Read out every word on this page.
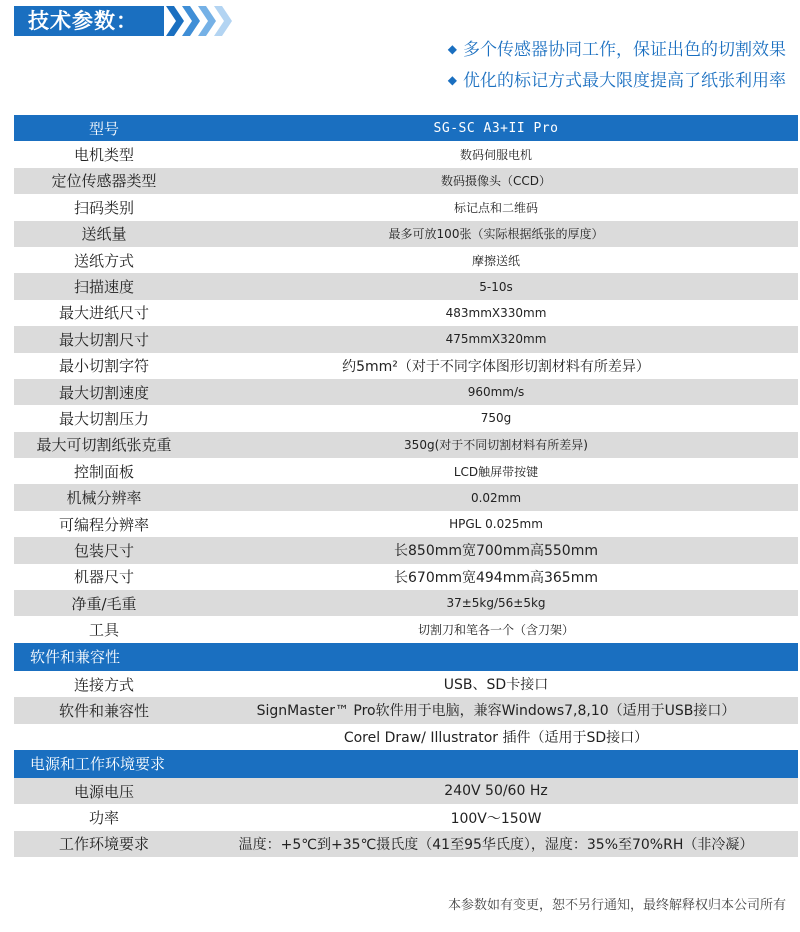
技术参数：
◆ 多个传感器协同工作，保证出色的切割效果
◆ 优化的标记方式最大限度提高了纸张利用率
型号	SG-SC A3+II Pro
电机类型	数码伺服电机
定位传感器类型	数码摄像头（CCD）
扫码类别	标记点和二维码
送纸量	最多可放100张（实际根据纸张的厚度）
送纸方式	摩擦送纸
扫描速度	5-10s
最大进纸尺寸	483mmX330mm
最大切割尺寸	475mmX320mm
最小切割字符	约5mm²（对于不同字体图形切割材料有所差异）
最大切割速度	960mm/s
最大切割压力	750g
最大可切割纸张克重	350g(对于不同切割材料有所差异)
控制面板	LCD触屏带按键
机械分辨率	0.02mm
可编程分辨率	HPGL 0.025mm
包装尺寸	长850mm宽700mm高550mm
机器尺寸	长670mm宽494mm高365mm
净重/毛重	37±5kg/56±5kg
工具	切割刀和笔各一个（含刀架）
软件和兼容性	
连接方式	USB、SD卡接口
软件和兼容性	SignMaster™ Pro软件用于电脑，兼容Windows7,8,10（适用于USB接口）
	Corel Draw/ Illustrator 插件（适用于SD接口）
电源和工作环境要求	
电源电压	240V 50/60 Hz
功率	100V～150W
工作环境要求	温度：+5℃到+35℃摄氏度（41至95华氏度），湿度：35%至70%RH（非冷凝）
本参数如有变更，恕不另行通知，最终解释权归本公司所有
